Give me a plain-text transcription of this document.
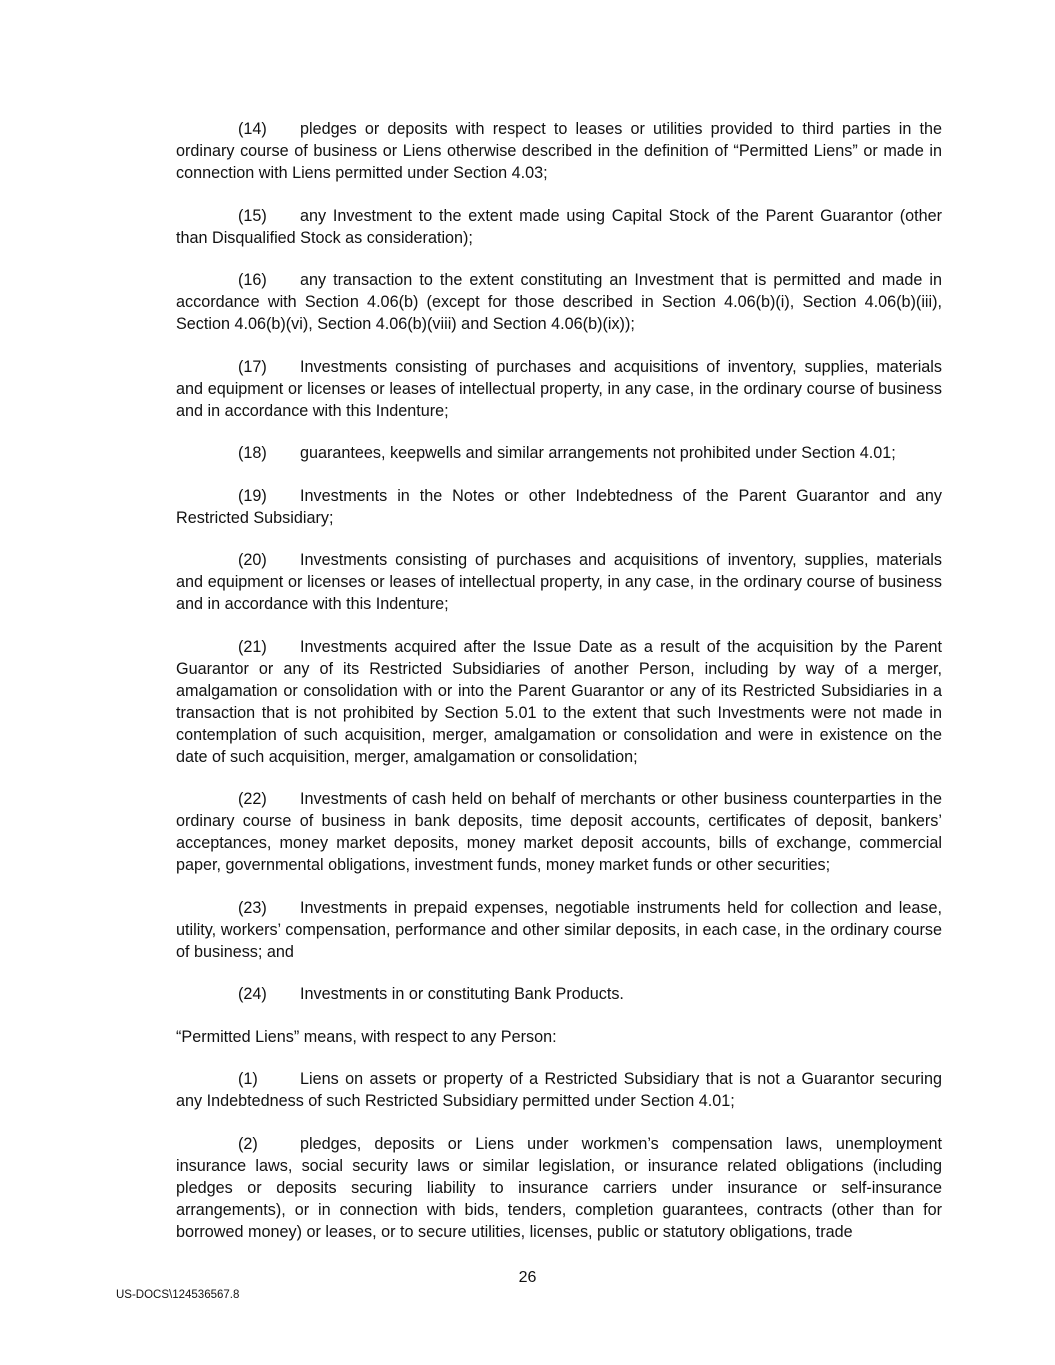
(14) pledges or deposits with respect to leases or utilities provided to third parties in the ordinary course of business or Liens otherwise described in the definition of “Permitted Liens” or made in connection with Liens permitted under Section 4.03;

(15) any Investment to the extent made using Capital Stock of the Parent Guarantor (other than Disqualified Stock as consideration);

(16) any transaction to the extent constituting an Investment that is permitted and made in accordance with Section 4.06(b) (except for those described in Section 4.06(b)(i), Section 4.06(b)(iii), Section 4.06(b)(vi), Section 4.06(b)(viii) and Section 4.06(b)(ix));

(17) Investments consisting of purchases and acquisitions of inventory, supplies, materials and equipment or licenses or leases of intellectual property, in any case, in the ordinary course of business and in accordance with this Indenture;

(18) guarantees, keepwells and similar arrangements not prohibited under Section 4.01;

(19) Investments in the Notes or other Indebtedness of the Parent Guarantor and any Restricted Subsidiary;

(20) Investments consisting of purchases and acquisitions of inventory, supplies, materials and equipment or licenses or leases of intellectual property, in any case, in the ordinary course of business and in accordance with this Indenture;

(21) Investments acquired after the Issue Date as a result of the acquisition by the Parent Guarantor or any of its Restricted Subsidiaries of another Person, including by way of a merger, amalgamation or consolidation with or into the Parent Guarantor or any of its Restricted Subsidiaries in a transaction that is not prohibited by Section 5.01 to the extent that such Investments were not made in contemplation of such acquisition, merger, amalgamation or consolidation and were in existence on the date of such acquisition, merger, amalgamation or consolidation;

(22) Investments of cash held on behalf of merchants or other business counterparties in the ordinary course of business in bank deposits, time deposit accounts, certificates of deposit, bankers’ acceptances, money market deposits, money market deposit accounts, bills of exchange, commercial paper, governmental obligations, investment funds, money market funds or other securities;

(23) Investments in prepaid expenses, negotiable instruments held for collection and lease, utility, workers’ compensation, performance and other similar deposits, in each case, in the ordinary course of business; and

(24) Investments in or constituting Bank Products.

“Permitted Liens” means, with respect to any Person:

(1)	Liens on assets or property of a Restricted Subsidiary that is not a Guarantor securing any Indebtedness of such Restricted Subsidiary permitted under Section 4.01;

(2)	pledges, deposits or Liens under workmen’s compensation laws, unemployment insurance laws, social security laws or similar legislation, or insurance related obligations (including pledges or deposits securing liability to insurance carriers under insurance or self-insurance arrangements), or in connection with bids, tenders, completion guarantees, contracts (other than for borrowed money) or leases, or to secure utilities, licenses, public or statutory obligations, trade

26
US-DOCS\124536567.8
